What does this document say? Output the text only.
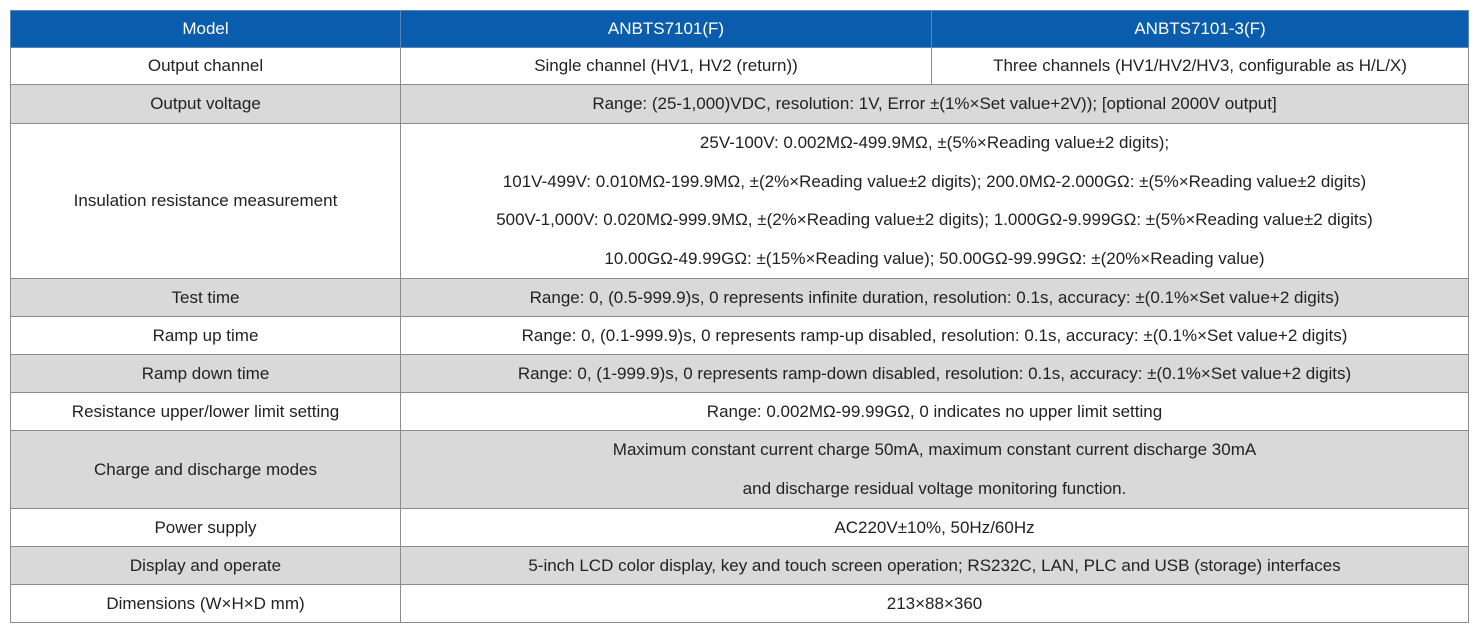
Model	ANBTS7101(F)	ANBTS7101-3(F)
Output channel	Single channel (HV1, HV2 (return))	Three channels (HV1/HV2/HV3, configurable as H/L/X)
Output voltage	Range: (25-1,000)VDC, resolution: 1V, Error ±(1%×Set value+2V)); [optional 2000V output]	
Insulation resistance measurement	25V-100V: 0.002MΩ-499.9MΩ, ±(5%×Reading value±2 digits);
101V-499V: 0.010MΩ-199.9MΩ, ±(2%×Reading value±2 digits); 200.0MΩ-2.000GΩ: ±(5%×Reading value±2 digits)
500V-1,000V: 0.020MΩ-999.9MΩ, ±(2%×Reading value±2 digits); 1.000GΩ-9.999GΩ: ±(5%×Reading value±2 digits)
10.00GΩ-49.99GΩ: ±(15%×Reading value); 50.00GΩ-99.99GΩ: ±(20%×Reading value)	

Test time	Range: 0, (0.5-999.9)s, 0 represents infinite duration, resolution: 0.1s, accuracy: ±(0.1%×Set value+2 digits)	
Ramp up time	Range: 0, (0.1-999.9)s, 0 represents ramp-up disabled, resolution: 0.1s, accuracy: ±(0.1%×Set value+2 digits)	
Ramp down time	Range: 0, (1-999.9)s, 0 represents ramp-down disabled, resolution: 0.1s, accuracy: ±(0.1%×Set value+2 digits)	
Resistance upper/lower limit setting	Range: 0.002MΩ-99.99GΩ, 0 indicates no upper limit setting	
Charge and discharge modes	Maximum constant current charge 50mA, maximum constant current discharge 30mA
and discharge residual voltage monitoring function.	

Power supply	AC220V±10%, 50Hz/60Hz	
Display and operate	5-inch LCD color display, key and touch screen operation; RS232C, LAN, PLC and USB (storage) interfaces	
Dimensions (W×H×D mm)	213×88×360	
